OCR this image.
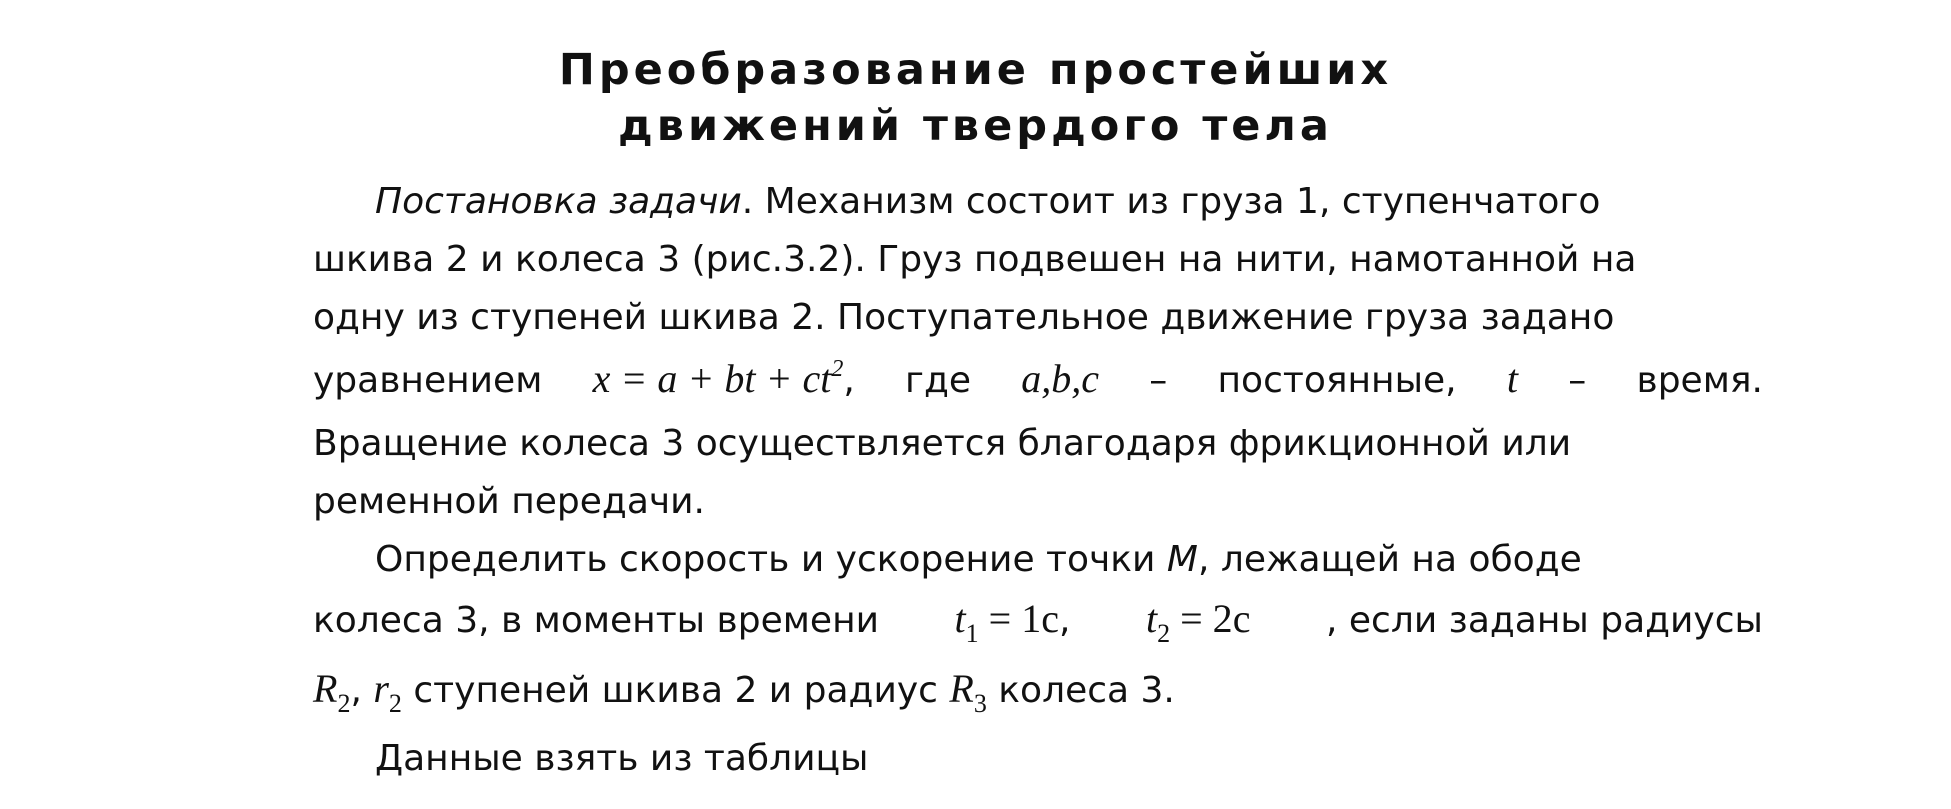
Преобразование простейших
движений твердого тела
Постановка задачи. Механизм состоит из груза 1, ступенчатого
шкива 2 и колеса 3 (рис.3.2). Груз подвешен на нити, намотанной на
одну из ступеней шкива 2. Поступательное движение груза задано
уравнением x = a + bt + $ct^2$, где a,b,c – постоянные, t – время.
Вращение колеса 3 осуществляется благодаря фрикционной или
ременной передачи.
Определить скорость и ускорение точки M, лежащей на ободе
колеса 3, в моменты времени $t_1 = 1с$, $t_2 = 2с$ , если заданы радиусы
$R_2$, $r_2$ ступеней шкива 2 и радиус $R_3$ колеса 3.
Данные взять из таблицы
